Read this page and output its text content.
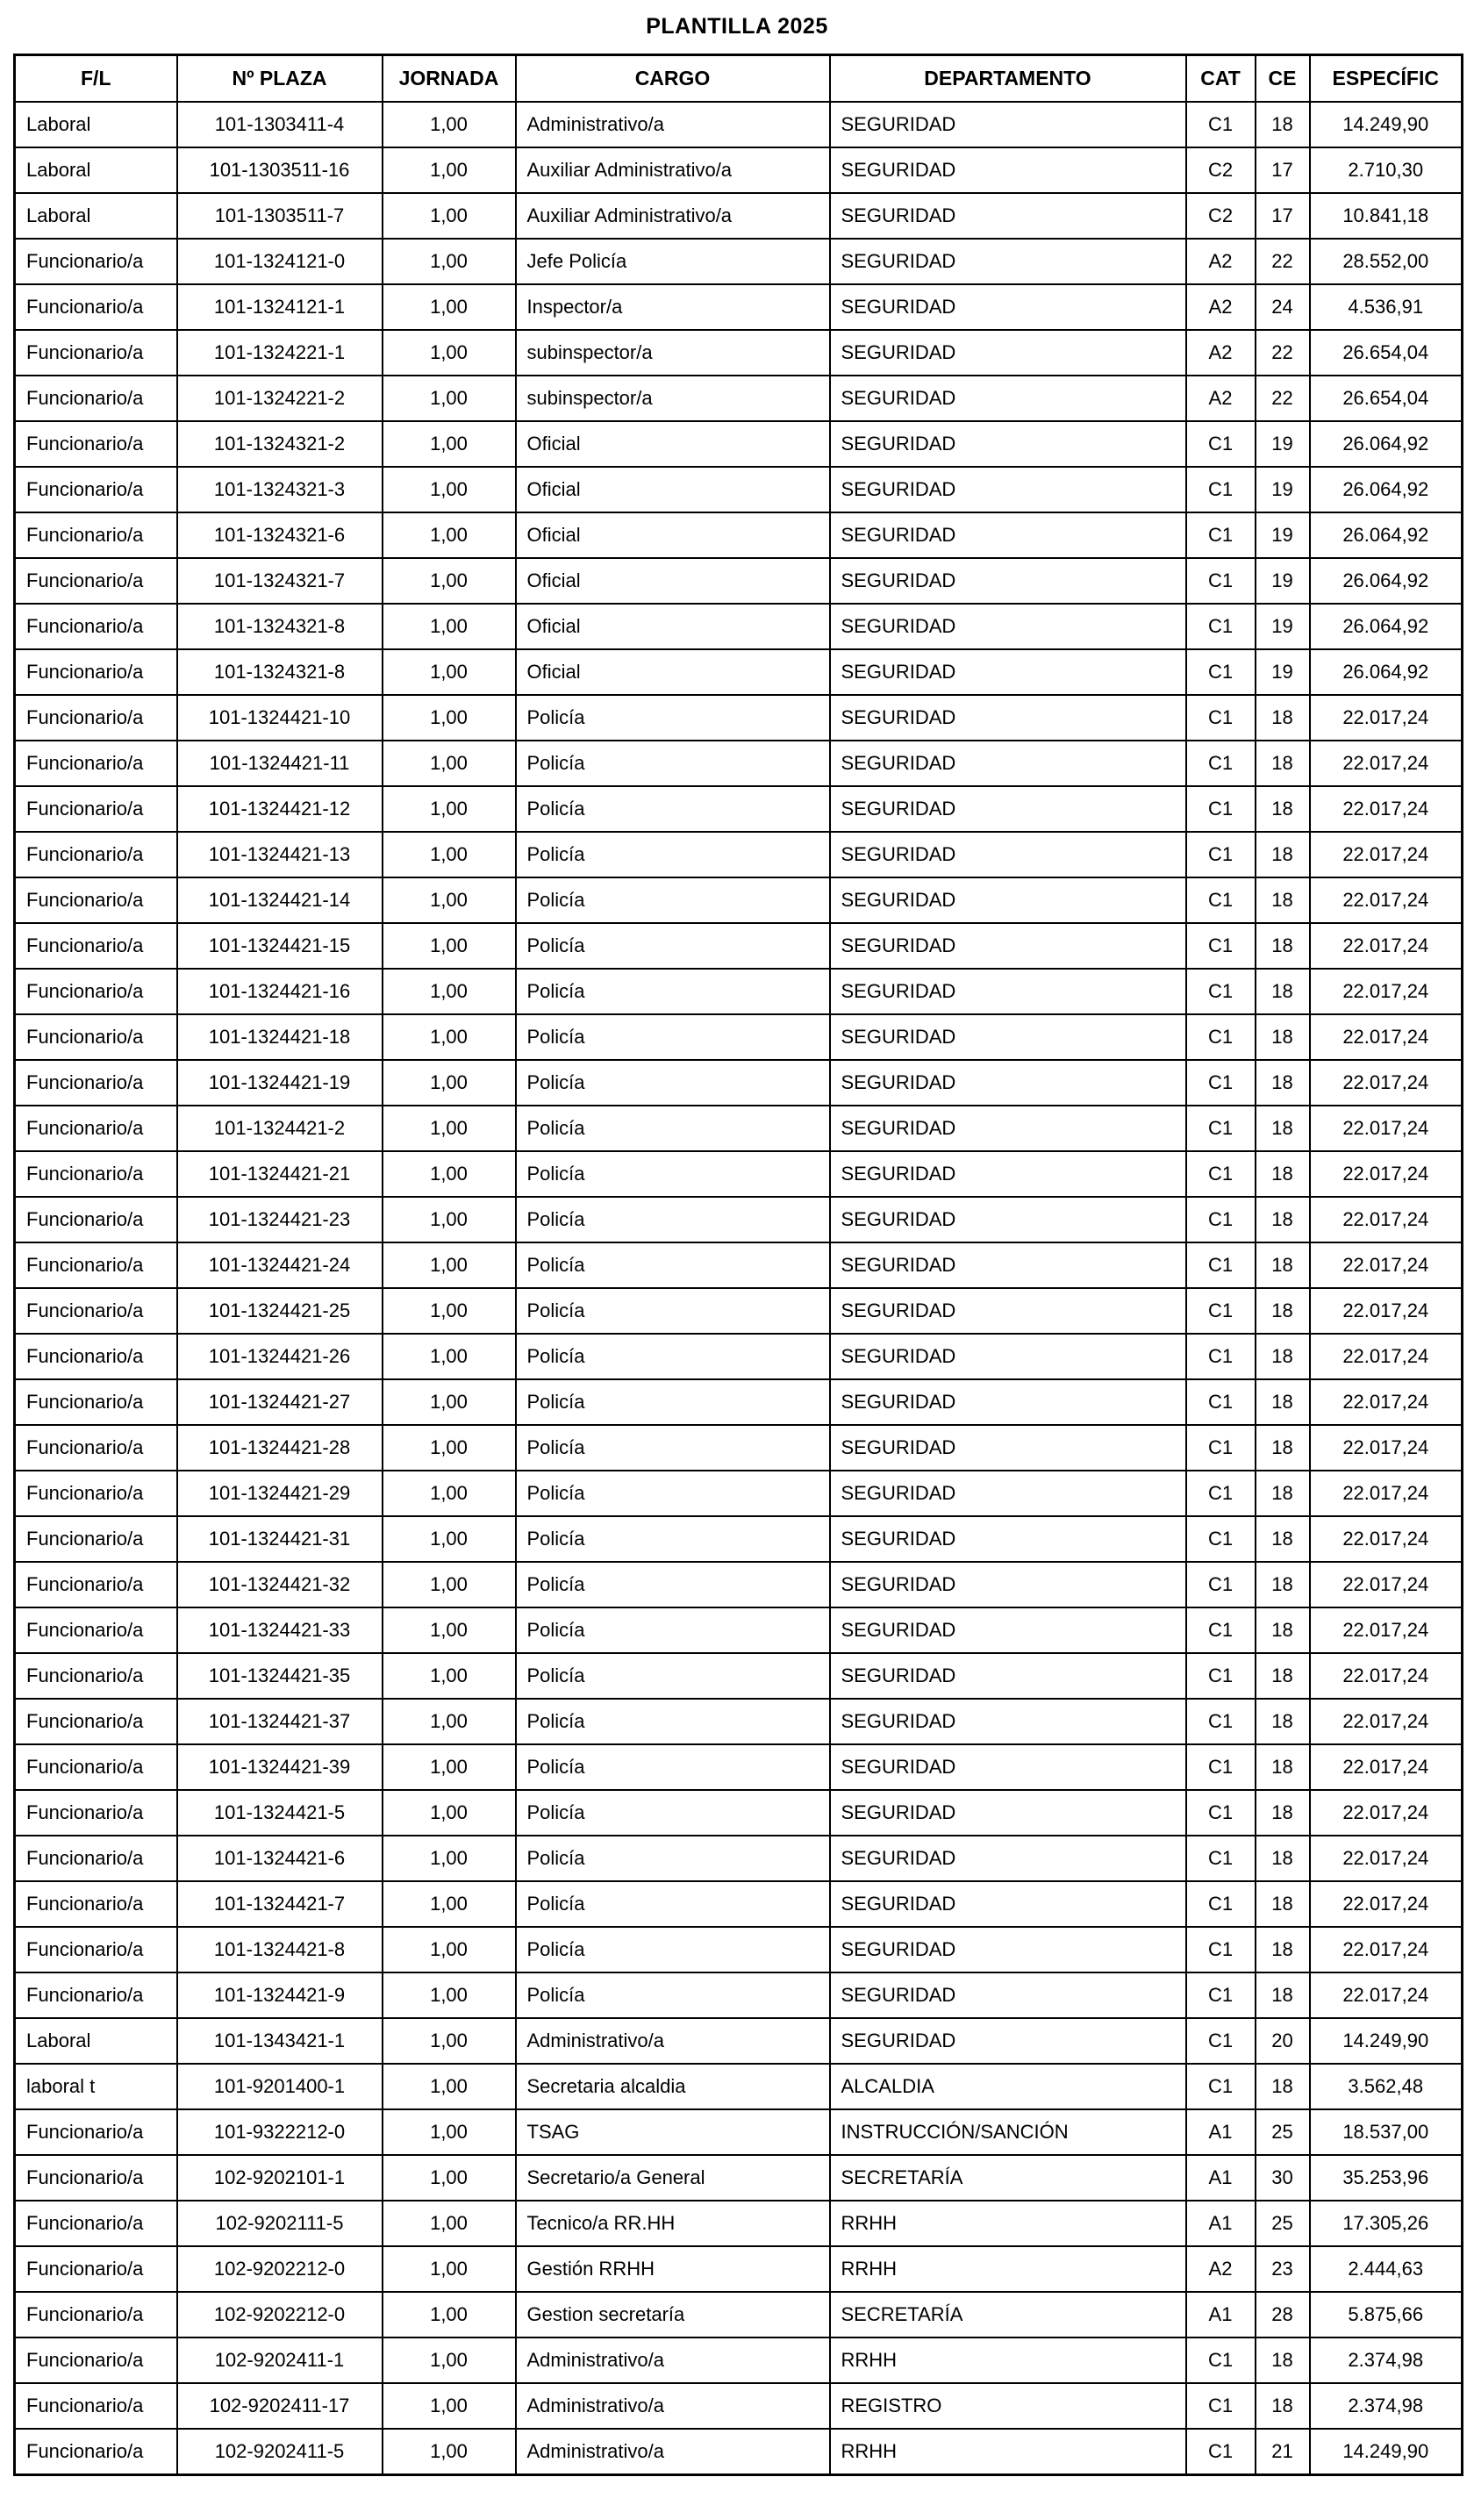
PLANTILLA 2025
F/L	Nº PLAZA	JORNADA	CARGO	DEPARTAMENTO	CAT	CE	ESPECÍFIC
Laboral	101-1303411-4	1,00	Administrativo/a	SEGURIDAD	C1	18	14.249,90
Laboral	101-1303511-16	1,00	Auxiliar Administrativo/a	SEGURIDAD	C2	17	2.710,30
Laboral	101-1303511-7	1,00	Auxiliar Administrativo/a	SEGURIDAD	C2	17	10.841,18
Funcionario/a	101-1324121-0	1,00	Jefe Policía	SEGURIDAD	A2	22	28.552,00
Funcionario/a	101-1324121-1	1,00	Inspector/a	SEGURIDAD	A2	24	4.536,91
Funcionario/a	101-1324221-1	1,00	subinspector/a	SEGURIDAD	A2	22	26.654,04
Funcionario/a	101-1324221-2	1,00	subinspector/a	SEGURIDAD	A2	22	26.654,04
Funcionario/a	101-1324321-2	1,00	Oficial	SEGURIDAD	C1	19	26.064,92
Funcionario/a	101-1324321-3	1,00	Oficial	SEGURIDAD	C1	19	26.064,92
Funcionario/a	101-1324321-6	1,00	Oficial	SEGURIDAD	C1	19	26.064,92
Funcionario/a	101-1324321-7	1,00	Oficial	SEGURIDAD	C1	19	26.064,92
Funcionario/a	101-1324321-8	1,00	Oficial	SEGURIDAD	C1	19	26.064,92
Funcionario/a	101-1324321-8	1,00	Oficial	SEGURIDAD	C1	19	26.064,92
Funcionario/a	101-1324421-10	1,00	Policía	SEGURIDAD	C1	18	22.017,24
Funcionario/a	101-1324421-11	1,00	Policía	SEGURIDAD	C1	18	22.017,24
Funcionario/a	101-1324421-12	1,00	Policía	SEGURIDAD	C1	18	22.017,24
Funcionario/a	101-1324421-13	1,00	Policía	SEGURIDAD	C1	18	22.017,24
Funcionario/a	101-1324421-14	1,00	Policía	SEGURIDAD	C1	18	22.017,24
Funcionario/a	101-1324421-15	1,00	Policía	SEGURIDAD	C1	18	22.017,24
Funcionario/a	101-1324421-16	1,00	Policía	SEGURIDAD	C1	18	22.017,24
Funcionario/a	101-1324421-18	1,00	Policía	SEGURIDAD	C1	18	22.017,24
Funcionario/a	101-1324421-19	1,00	Policía	SEGURIDAD	C1	18	22.017,24
Funcionario/a	101-1324421-2	1,00	Policía	SEGURIDAD	C1	18	22.017,24
Funcionario/a	101-1324421-21	1,00	Policía	SEGURIDAD	C1	18	22.017,24
Funcionario/a	101-1324421-23	1,00	Policía	SEGURIDAD	C1	18	22.017,24
Funcionario/a	101-1324421-24	1,00	Policía	SEGURIDAD	C1	18	22.017,24
Funcionario/a	101-1324421-25	1,00	Policía	SEGURIDAD	C1	18	22.017,24
Funcionario/a	101-1324421-26	1,00	Policía	SEGURIDAD	C1	18	22.017,24
Funcionario/a	101-1324421-27	1,00	Policía	SEGURIDAD	C1	18	22.017,24
Funcionario/a	101-1324421-28	1,00	Policía	SEGURIDAD	C1	18	22.017,24
Funcionario/a	101-1324421-29	1,00	Policía	SEGURIDAD	C1	18	22.017,24
Funcionario/a	101-1324421-31	1,00	Policía	SEGURIDAD	C1	18	22.017,24
Funcionario/a	101-1324421-32	1,00	Policía	SEGURIDAD	C1	18	22.017,24
Funcionario/a	101-1324421-33	1,00	Policía	SEGURIDAD	C1	18	22.017,24
Funcionario/a	101-1324421-35	1,00	Policía	SEGURIDAD	C1	18	22.017,24
Funcionario/a	101-1324421-37	1,00	Policía	SEGURIDAD	C1	18	22.017,24
Funcionario/a	101-1324421-39	1,00	Policía	SEGURIDAD	C1	18	22.017,24
Funcionario/a	101-1324421-5	1,00	Policía	SEGURIDAD	C1	18	22.017,24
Funcionario/a	101-1324421-6	1,00	Policía	SEGURIDAD	C1	18	22.017,24
Funcionario/a	101-1324421-7	1,00	Policía	SEGURIDAD	C1	18	22.017,24
Funcionario/a	101-1324421-8	1,00	Policía	SEGURIDAD	C1	18	22.017,24
Funcionario/a	101-1324421-9	1,00	Policía	SEGURIDAD	C1	18	22.017,24
Laboral	101-1343421-1	1,00	Administrativo/a	SEGURIDAD	C1	20	14.249,90
laboral t	101-9201400-1	1,00	Secretaria alcaldia	ALCALDIA	C1	18	3.562,48
Funcionario/a	101-9322212-0	1,00	TSAG	INSTRUCCIÓN/SANCIÓN	A1	25	18.537,00
Funcionario/a	102-9202101-1	1,00	Secretario/a General	SECRETARÍA	A1	30	35.253,96
Funcionario/a	102-9202111-5	1,00	Tecnico/a RR.HH	RRHH	A1	25	17.305,26
Funcionario/a	102-9202212-0	1,00	Gestión RRHH	RRHH	A2	23	2.444,63
Funcionario/a	102-9202212-0	1,00	Gestion secretaría	SECRETARÍA	A1	28	5.875,66
Funcionario/a	102-9202411-1	1,00	Administrativo/a	RRHH	C1	18	2.374,98
Funcionario/a	102-9202411-17	1,00	Administrativo/a	REGISTRO	C1	18	2.374,98
Funcionario/a	102-9202411-5	1,00	Administrativo/a	RRHH	C1	21	14.249,90
